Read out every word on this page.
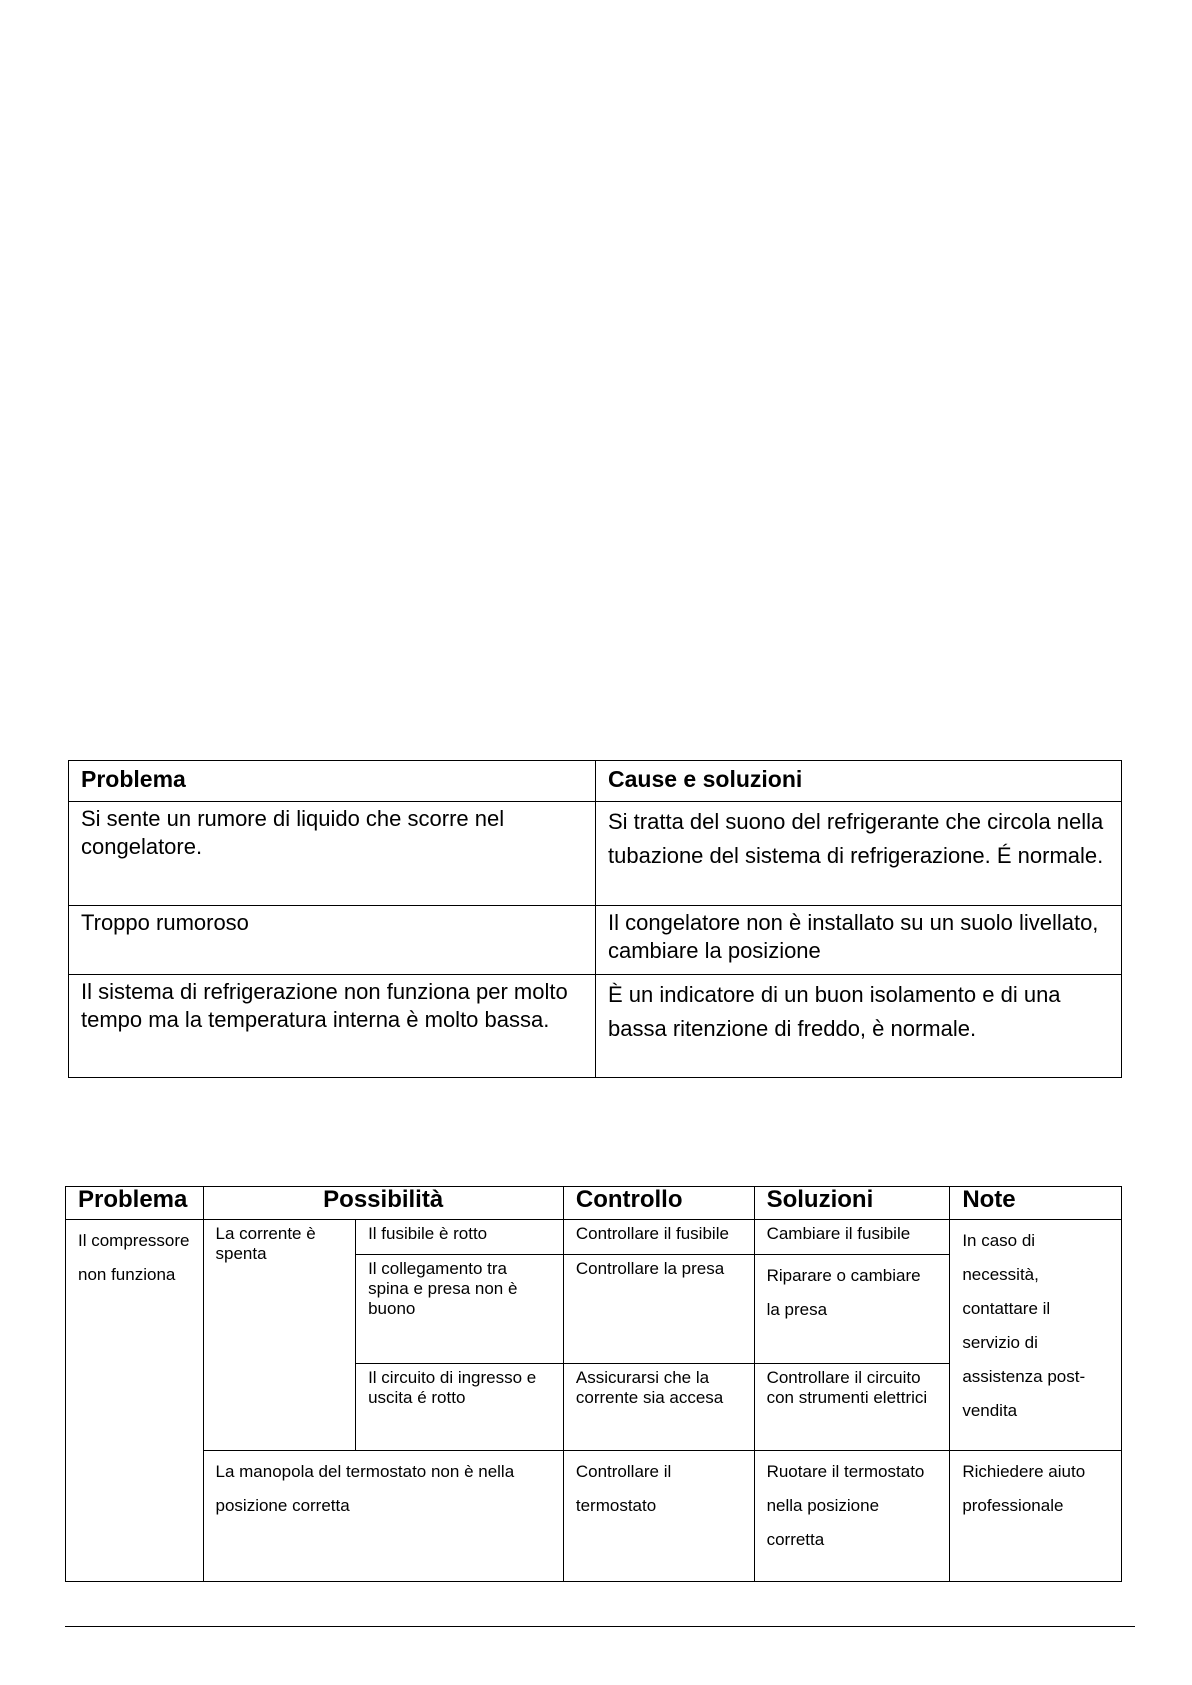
Problema	Cause e soluzioni
Si sente un rumore di liquido che scorre nel congelatore.	Si tratta del suono del refrigerante che circola nella tubazione del sistema di refrigerazione. É normale.
Troppo rumoroso	Il congelatore non è installato su un suolo livellato, cambiare la posizione
Il sistema di refrigerazione non funziona per molto tempo ma la temperatura interna è molto bassa.	È un indicatore di un buon isolamento e di una bassa ritenzione di freddo, è normale.
Problema	Possibilità		Controllo	Soluzioni	Note
Il compressore non funziona	La corrente è spenta	Il fusibile è rotto	Controllare il fusibile	Cambiare il fusibile	In caso di necessità, contattare il servizio di assistenza post-vendita
		Il collegamento tra spina e presa non è buono	Controllare la presa	Riparare o cambiare la presa	
		Il circuito di ingresso e uscita é rotto	Assicurarsi che la corrente sia accesa	Controllare il circuito con strumenti elettrici	
	La manopola del termostato non è nella posizione corretta		Controllare il termostato	Ruotare il termostato nella posizione corretta	Richiedere aiuto professionale
